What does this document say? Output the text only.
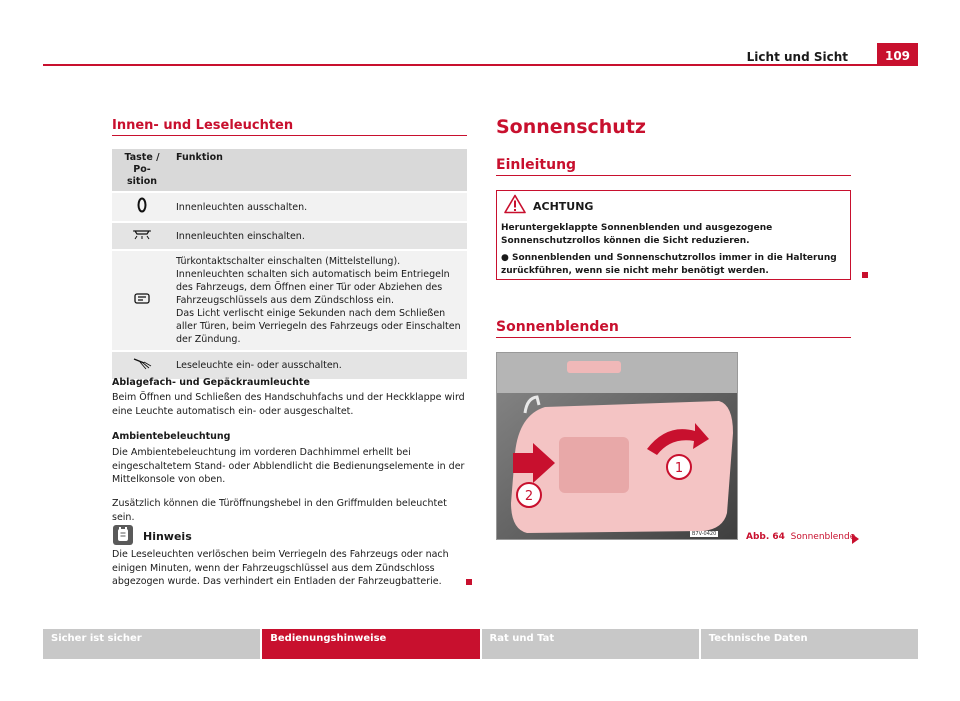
Licht und Sicht	109
Innen- und Leseleuchten
Taste / Po-
sition	Funktion
	Innenleuchten ausschalten.
	Innenleuchten einschalten.
	Türkontaktschalter einschalten (Mittelstellung).
Innenleuchten schalten sich automatisch beim Entriegeln des Fahrzeugs, dem Öffnen einer Tür oder Abziehen des Fahrzeugschlüssels aus dem Zündschloss ein.
Das Licht verlischt einige Sekunden nach dem Schließen aller Türen, beim Verriegeln des Fahrzeugs oder Einschalten der Zündung.
	Leseleuchte ein- oder ausschalten.
Ablagefach- und Gepäckraumleuchte
Beim Öffnen und Schließen des Handschuhfachs und der Heckklappe wird eine Leuchte automatisch ein- oder ausgeschaltet.
Ambientebeleuchtung
Die Ambientebeleuchtung im vorderen Dachhimmel erhellt bei eingeschaltetem Stand- oder Abblendlicht die Bedienungselemente in der Mittelkonsole von oben.
Zusätzlich können die Türöffnungshebel in den Griffmulden beleuchtet sein.
Hinweis
Die Leseleuchten verlöschen beim Verriegeln des Fahrzeugs oder nach einigen Minuten, wenn der Fahrzeugschlüssel aus dem Zündschloss abgezogen wurde. Das verhindert ein Entladen der Fahrzeugbatterie.
Sonnenschutz
Einleitung
ACHTUNG

Heruntergeklappte Sonnenblenden und ausgezogene Sonnenschutzrollos können die Sicht reduzieren.

● Sonnenblenden und Sonnenschutzrollos immer in die Halterung zurückführen, wenn sie nicht mehr benötigt werden.

Sonnenblenden
1
2
B7V-0420	Abb. 64 Sonnenblende.
Sicher ist sicher	Bedienungshinweise	Rat und Tat	Technische Daten
